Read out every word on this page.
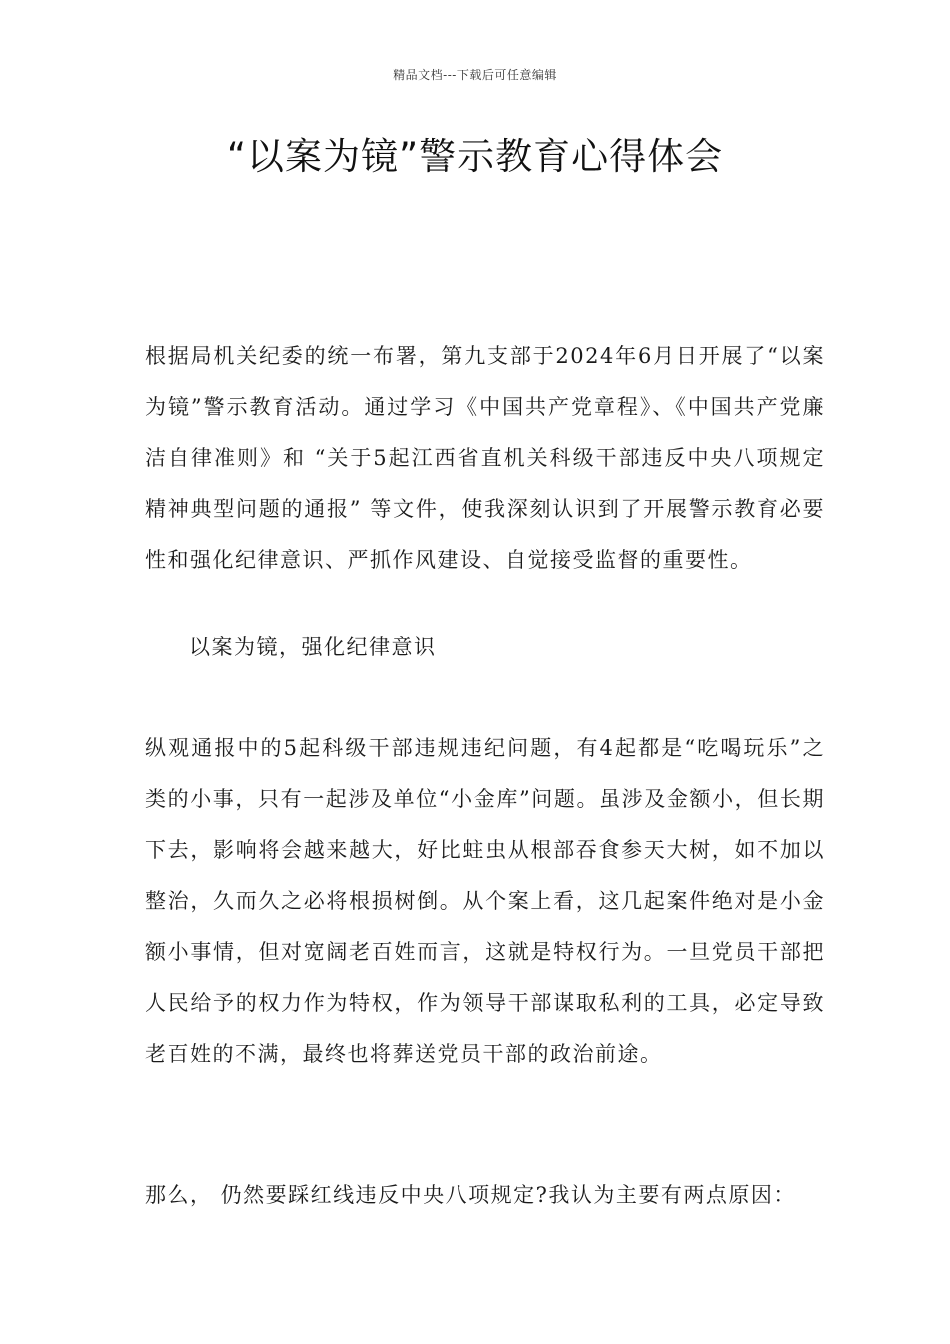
精品文档---下载后可任意编辑
“以案为镜”警示教育心得体会
根据局机关纪委的统一布署，第九支部于2024年6月日开展了“以案为镜”警示教育活动。通过学习《中国共产党章程》、《中国共产党廉洁自律准则》和 “关于5起江西省直机关科级干部违反中央八项规定精神典型问题的通报” 等文件，使我深刻认识到了开展警示教育必要性和强化纪律意识、严抓作风建设、自觉接受监督的重要性。
以案为镜，强化纪律意识
纵观通报中的5起科级干部违规违纪问题，有4起都是“吃喝玩乐”之类的小事，只有一起涉及单位“小金库”问题。虽涉及金额小，但长期下去，影响将会越来越大，好比蛀虫从根部吞食参天大树，如不加以整治，久而久之必将根损树倒。从个案上看，这几起案件绝对是小金额小事情，但对宽阔老百姓而言，这就是特权行为。一旦党员干部把人民给予的权力作为特权，作为领导干部谋取私利的工具，必定导致老百姓的不满，最终也将葬送党员干部的政治前途。
那么， 仍然要踩红线违反中央八项规定?我认为主要有两点原因：
